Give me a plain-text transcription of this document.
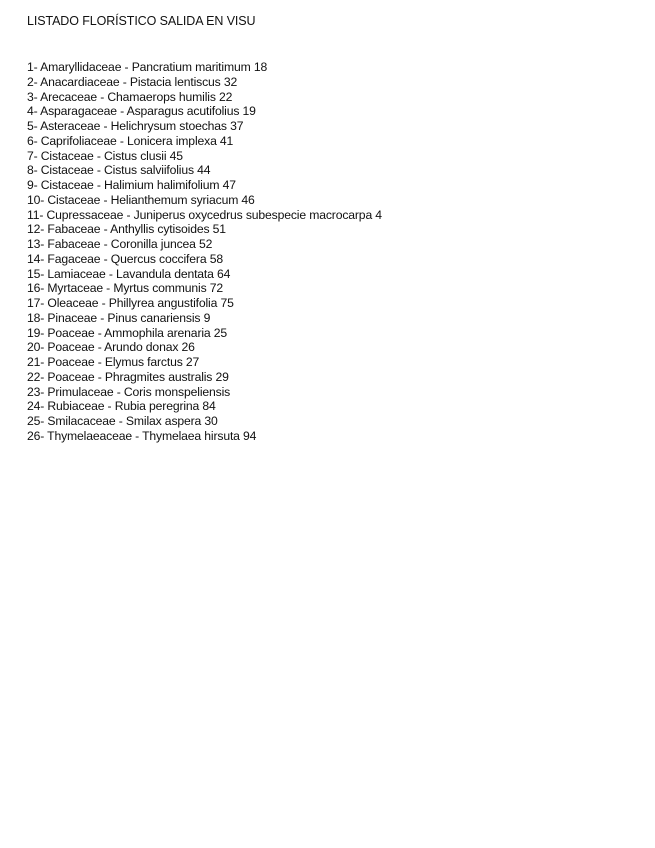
LISTADO FLORÍSTICO SALIDA EN VISU
1- Amaryllidaceae - Pancratium maritimum 18
2- Anacardiaceae - Pistacia lentiscus 32
3- Arecaceae - Chamaerops humilis 22
4- Asparagaceae - Asparagus acutifolius 19
5- Asteraceae - Helichrysum stoechas 37
6- Caprifoliaceae - Lonicera implexa 41
7- Cistaceae - Cistus clusii 45
8- Cistaceae - Cistus salviifolius 44
9- Cistaceae - Halimium halimifolium 47
10- Cistaceae - Helianthemum syriacum 46
11- Cupressaceae - Juniperus oxycedrus subespecie macrocarpa 4
12- Fabaceae - Anthyllis cytisoides 51
13- Fabaceae - Coronilla juncea 52
14- Fagaceae - Quercus coccifera 58
15- Lamiaceae - Lavandula dentata 64
16- Myrtaceae - Myrtus communis 72
17- Oleaceae - Phillyrea angustifolia 75
18- Pinaceae - Pinus canariensis 9
19- Poaceae - Ammophila arenaria 25
20- Poaceae - Arundo donax 26
21- Poaceae - Elymus farctus 27
22- Poaceae - Phragmites australis 29
23- Primulaceae - Coris monspeliensis
24- Rubiaceae - Rubia peregrina 84
25- Smilacaceae - Smilax aspera 30
26- Thymelaeaceae - Thymelaea hirsuta 94
